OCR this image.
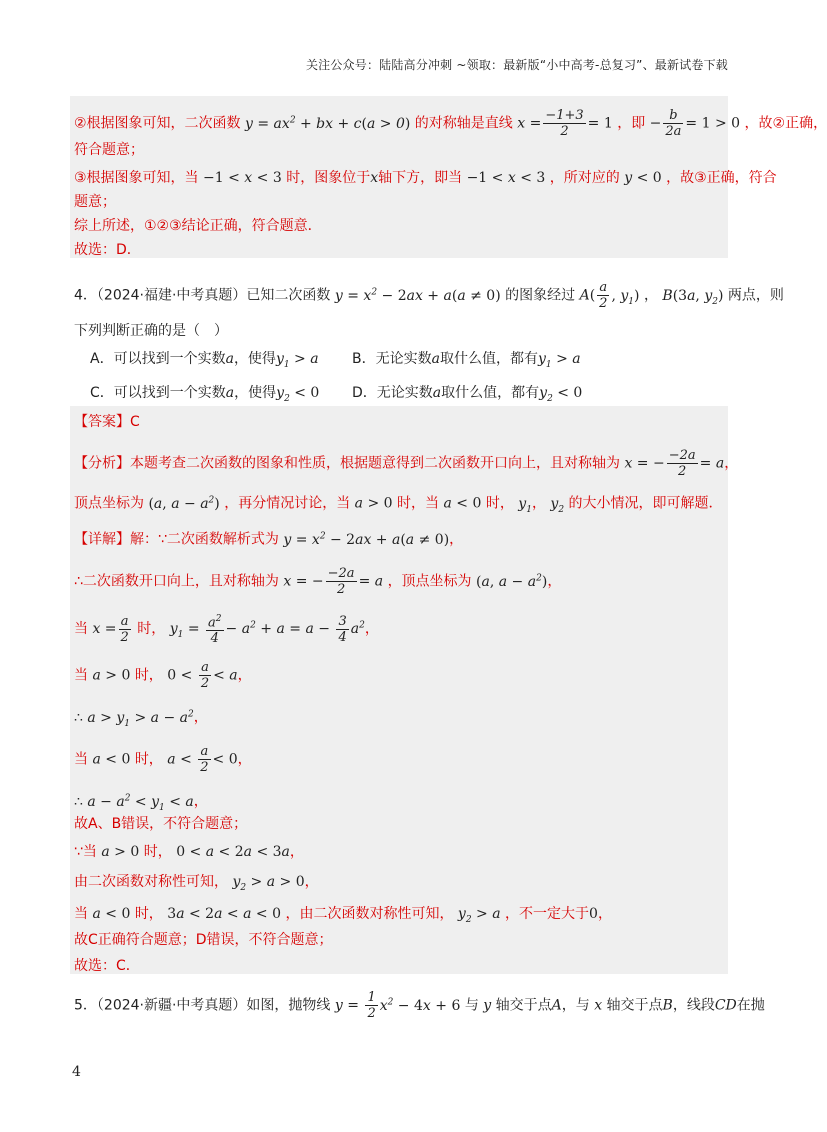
关注公众号：陆陆高分冲刺 ~领取：最新版“小中高考-总复习”、最新试卷下载
②根据图象可知，二次函数 $y = ax^2$ + bx + c(a > 0) 的对称轴是直线 $x = \frac{-1+3}{2} = 1$ ，即 − $\frac{b}{2a} = 1 > 0$ ，故②正确，
符合题意；
③根据图象可知，当 −1 < x < 3 时，图象位于x轴下方，即当 −1 < x < 3 ，所对应的 y < 0 ，故③正确，符合
题意；
综上所述，①②③结论正确，符合题意．
故选：D．
4．（2024·福建·中考真题）已知二次函数 $y = x^2 - 2ax + a(a \ne 0)$ 的图象经过 $A( \frac{a}{2}$ , $y_1$) ， B(3a, $y_2$) 两点，则
下列判断正确的是（　）
A．可以找到一个实数a，使得$y_1 > a$ B．无论实数a取什么值，都有$y_1 > a$
C．可以找到一个实数a，使得$y_2 < 0$ D．无论实数a取什么值，都有$y_2 < 0$
【答案】C
【分析】本题考查二次函数的图象和性质，根据题意得到二次函数开口向上，且对称轴为 x = − $\frac{-2a}{2} = a$，
顶点坐标为 (a, $a - a^2$) ，再分情况讨论，当 a > 0 时，当 a < 0 时， $y_1$， $y_2$ 的大小情况，即可解题．
【详解】解：∵二次函数解析式为 $y = x^2 - 2ax + a(a \ne 0)$，
∴二次函数开口向上，且对称轴为 x = − $\frac{-2a}{2} = a$ ，顶点坐标为 (a, $a - a^2$)，
当 $x = \frac{a}{2}$ 时， $y_1 = \frac{a^2}{4} - a^2 + a = a - \frac{3}{4} a^2$，
当 a > 0 时， $0 < \frac{a}{2} < a$，
∴ $a > y_1 > a - a^2$，
当 a < 0 时， $a < \frac{a}{2} < 0$，
∴ $a - a^2 < y_1 < a$，
故A、B错误，不符合题意；
∵当 a > 0 时， 0 < a < 2a < 3a，
由二次函数对称性可知， $y_2 > a > 0$，
当 a < 0 时， 3a < 2a < a < 0 ，由二次函数对称性可知， $y_2 > a$ ，不一定大于0，
故C正确符合题意；D错误，不符合题意；
故选：C．
5．（2024·新疆·中考真题）如图，抛物线 $y = \frac{1}{2} x^2 - 4x + 6$ 与 y 轴交于点A，与 x 轴交于点B，线段CD在抛
4
